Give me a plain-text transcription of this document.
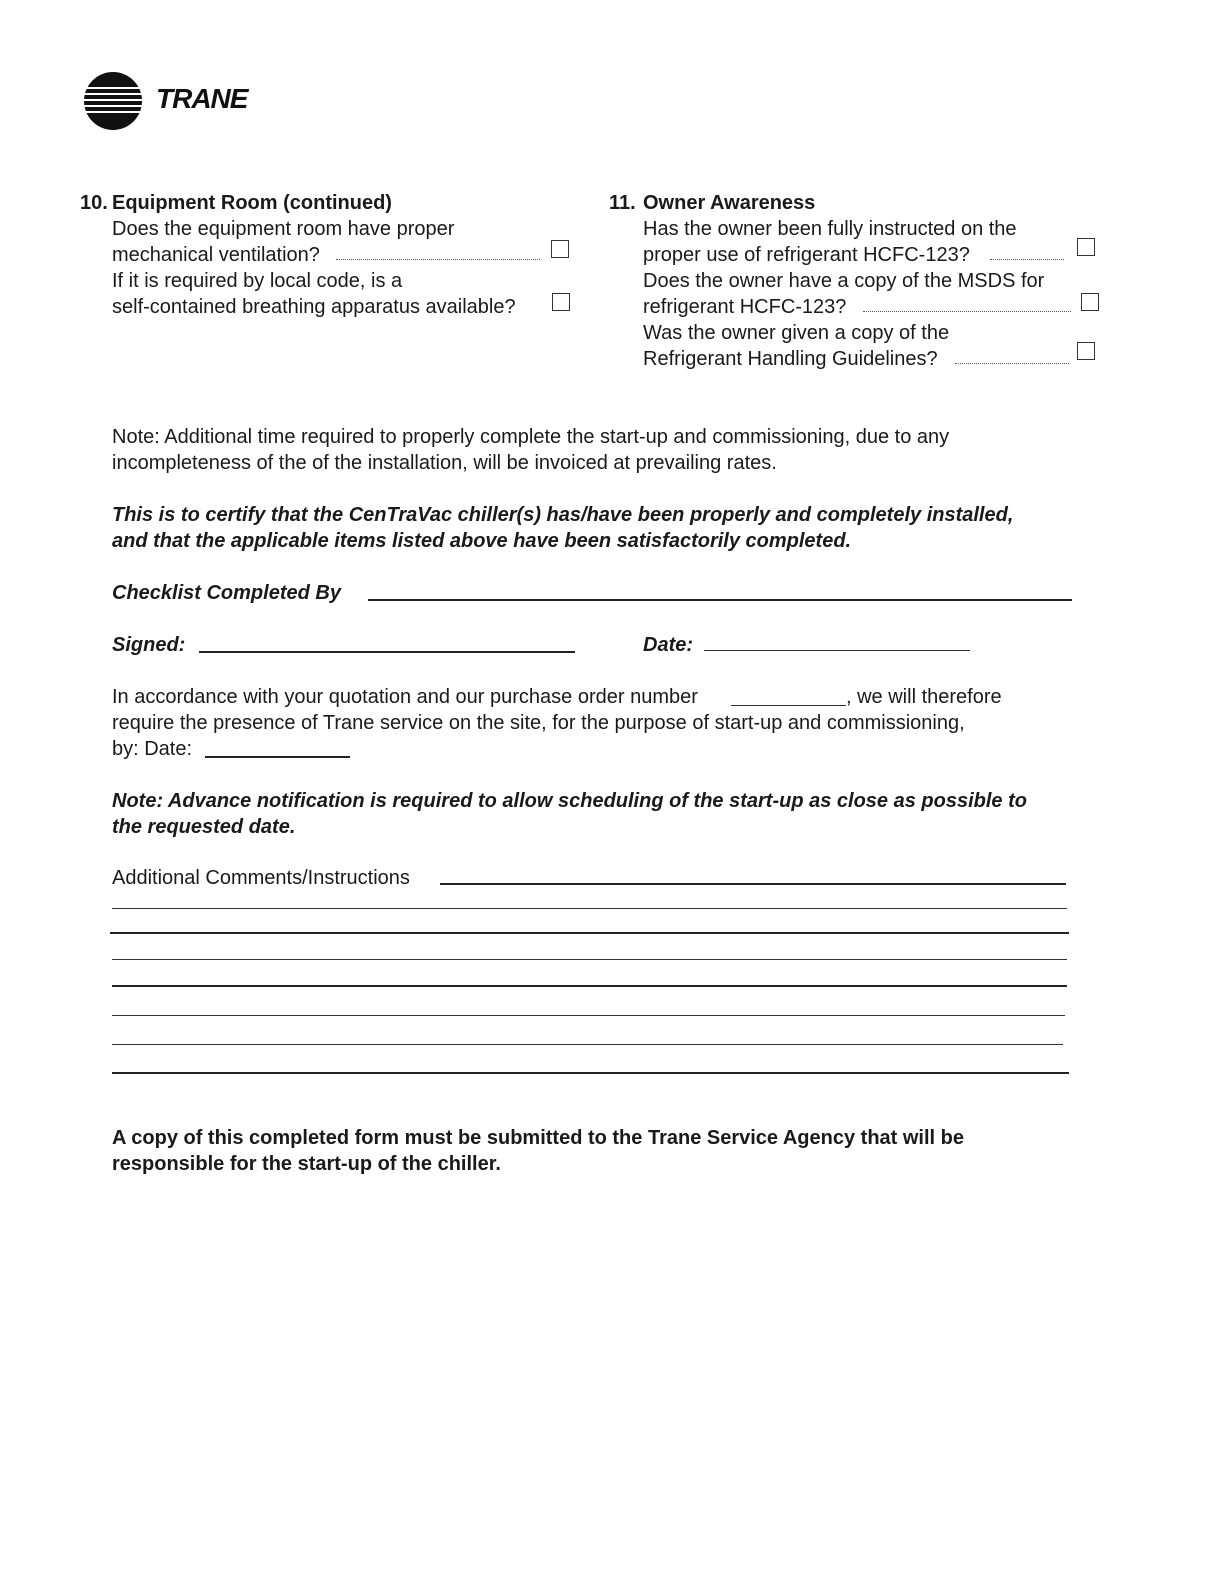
TRANE
10. Equipment Room (continued)
Does the equipment room have proper
mechanical ventilation?
If it is required by local code, is a
self-contained breathing apparatus available?
11. Owner Awareness
Has the owner been fully instructed on the
proper use of refrigerant HCFC-123?
Does the owner have a copy of the MSDS for
refrigerant HCFC-123?
Was the owner given a copy of the
Refrigerant Handling Guidelines?
Note: Additional time required to properly complete the start-up and commissioning, due to any
incompleteness of the of the installation, will be invoiced at prevailing rates.
This is to certify that the CenTraVac chiller(s) has/have been properly and completely installed,
and that the applicable items listed above have been satisfactorily completed.
Checklist Completed By
Signed:	Date:
In accordance with your quotation and our purchase order number	, we will therefore
require the presence of Trane service on the site, for the purpose of start-up and commissioning,
by: Date:
Note: Advance notification is required to allow scheduling of the start-up as close as possible to
the requested date.
Additional Comments/Instructions
A copy of this completed form must be submitted to the Trane Service Agency that will be
responsible for the start-up of the chiller.
